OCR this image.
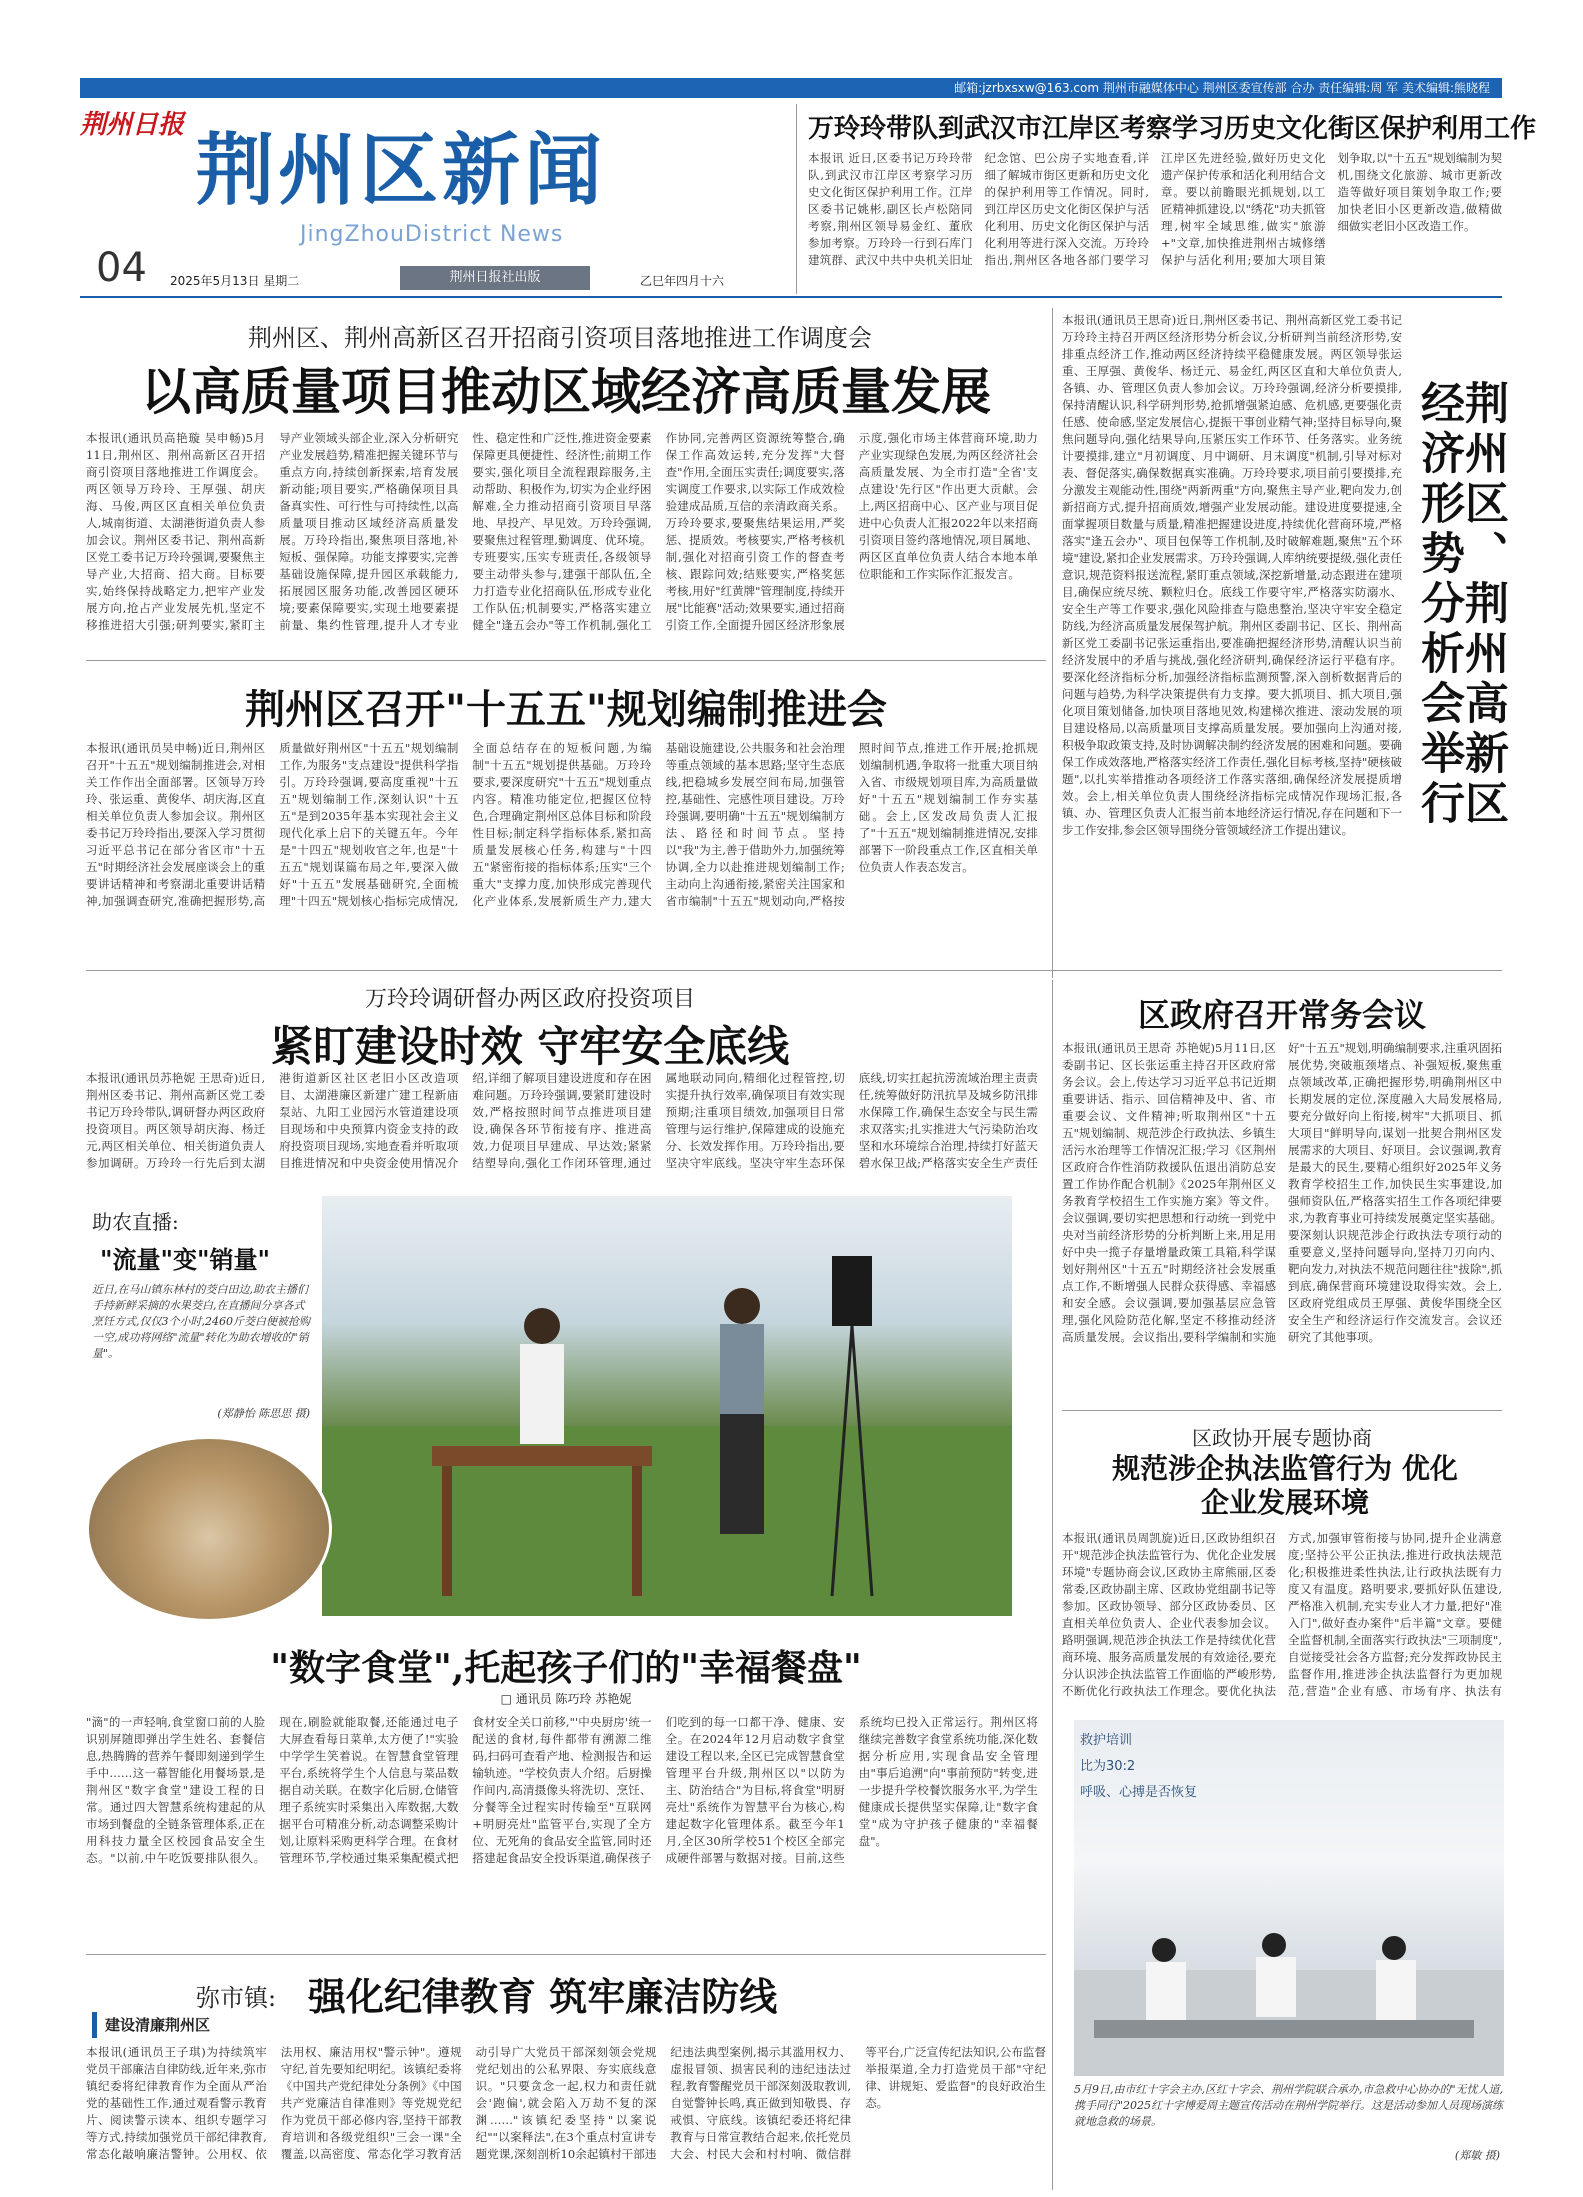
邮箱:jzrbxsxw@163.com 荆州市融媒体中心 荆州区委宣传部 合办 责任编辑:周 军 美术编辑:熊晓程
荆州日报 荆州区新闻
JingZhouDistrict News
04 2025年5月13日 星期二	荆州日报社出版	乙巳年四月十六
万玲玲带队到武汉市江岸区考察学习历史文化街区保护利用工作
本报讯 近日,区委书记万玲玲带队,到武汉市江岸区考察学习历史文化街区保护利用工作。江岸区委书记姚彬,副区长卢松陪同考察,荆州区领导易金红、董欣参加考察。万玲玲一行到石库门建筑群、武汉中共中央机关旧址纪念馆、巴公房子实地查看,详细了解城市街区更新和历史文化的保护利用等工作情况。同时,到江岸区历史文化街区保护与活化利用、历史文化街区保护与活化利用等进行深入交流。万玲玲指出,荆州区各地各部门要学习江岸区先进经验,做好历史文化遗产保护传承和活化利用结合文章。要以前瞻眼光抓规划,以工匠精神抓建设,以"绣花"功夫抓管理,树牢全域思维,做实"旅游+"文章,加快推进荆州古城修缮保护与活化利用;要加大项目策划争取,以"十五五"规划编制为契机,围绕文化旅游、城市更新改造等做好项目策划争取工作;要加快老旧小区更新改造,做精做细做实老旧小区改造工作。
荆州区、荆州高新区召开招商引资项目落地推进工作调度会
以高质量项目推动区域经济高质量发展
本报讯(通讯员高艳璇 吴申畅)5月11日,荆州区、荆州高新区召开招商引资项目落地推进工作调度会。两区领导万玲玲、王厚强、胡庆海、马俊,两区区直相关单位负责人,城南街道、太湖港街道负责人参加会议。荆州区委书记、荆州高新区党工委书记万玲玲强调,要聚焦主导产业,大招商、招大商。目标要实,始终保持战略定力,把牢产业发展方向,抢占产业发展先机,坚定不移推进招大引强;研判要实,紧盯主导产业领域头部企业,深入分析研究产业发展趋势,精准把握关键环节与重点方向,持续创新探索,培育发展新动能;项目要实,严格确保项目具备真实性、可行性与可持续性,以高质量项目推动区域经济高质量发展。万玲玲指出,聚焦项目落地,补短板、强保障。功能支撑要实,完善基础设施保障,提升园区承载能力,拓展园区服务功能,改善园区硬环境;要素保障要实,实现土地要素提前量、集约性管理,提升人才专业性、稳定性和广泛性,推进资金要素保障更具便捷性、经济性;前期工作要实,强化项目全流程跟踪服务,主动帮助、积极作为,切实为企业纾困解难,全力推动招商引资项目早落地、早投产、早见效。万玲玲强调,要聚焦过程管理,勤调度、优环境。专班要实,压实专班责任,各级领导要主动带头参与,建强干部队伍,全力打造专业化招商队伍,形成专业化工作队伍;机制要实,严格落实建立健全"逢五会办"等工作机制,强化工作协同,完善两区资源统筹整合,确保工作高效运转,充分发挥"大督查"作用,全面压实责任;调度要实,落实调度工作要求,以实际工作成效检验建成品质,互信的亲清政商关系。万玲玲要求,要聚焦结果运用,严奖惩、提质效。考核要实,严格考核机制,强化对招商引资工作的督查考核、跟踪问效;结账要实,严格奖惩考核,用好"红黄牌"管理制度,持续开展"比能赛"活动;效果要实,通过招商引资工作,全面提升园区经济形象展示度,强化市场主体营商环境,助力产业实现绿色发展,为两区经济社会高质量发展、为全市打造"全省'支点建设'先行区"作出更大贡献。会上,两区招商中心、区产业与项目促进中心负责人汇报2022年以来招商引资项目签约落地情况,项目属地、两区区直单位负责人结合本地本单位职能和工作实际作汇报发言。
本报讯(通讯员王思奇)近日,荆州区委书记、荆州高新区党工委书记万玲玲主持召开两区经济形势分析会议,分析研判当前经济形势,安排重点经济工作,推动两区经济持续平稳健康发展。两区领导张运重、王厚强、黄俊华、杨迁元、易金红,两区区直和大单位负责人,各镇、办、管理区负责人参加会议。万玲玲强调,经济分析要摸排,保持清醒认识,科学研判形势,抢抓增强紧迫感、危机感,更要强化责任感、使命感,坚定发展信心,提振干事创业精气神;坚持目标导向,聚焦问题导向,强化结果导向,压紧压实工作环节、任务落实。业务统计要摸排,建立"月初调度、月中调研、月末调度"机制,引导对标对表、督促落实,确保数据真实准确。万玲玲要求,项目前引要摸排,充分激发主观能动性,围绕"两新两重"方向,聚焦主导产业,靶向发力,创新招商方式,提升招商质效,增强产业发展动能。建设进度要提速,全面掌握项目数量与质量,精准把握建设进度,持续优化营商环境,严格落实"逢五会办"、项目包保等工作机制,及时破解难题,聚焦"五个环境"建设,紧扣企业发展需求。万玲玲强调,人库纳统要提级,强化责任意识,规范资料报送流程,紧盯重点领域,深挖新增量,动态跟进在建项目,确保应统尽统、颗粒归仓。底线工作要守牢,严格落实防溺水、安全生产等工作要求,强化风险排查与隐患整治,坚决守牢安全稳定防线,为经济高质量发展保驾护航。荆州区委副书记、区长、荆州高新区党工委副书记张运重指出,要准确把握经济形势,清醒认识当前经济发展中的矛盾与挑战,强化经济研判,确保经济运行平稳有序。要深化经济指标分析,加强经济指标监测预警,深入剖析数据背后的问题与趋势,为科学决策提供有力支撑。要大抓项目、抓大项目,强化项目策划储备,加快项目落地见效,构建梯次推进、滚动发展的项目建设格局,以高质量项目支撑高质量发展。要加强向上沟通对接,积极争取政策支持,及时协调解决制约经济发展的困难和问题。要确保工作成效落地,严格落实经济工作责任,强化目标考核,坚持"硬核破题",以扎实举措推动各项经济工作落实落细,确保经济发展提质增效。会上,相关单位负责人围绕经济指标完成情况作现场汇报,各镇、办、管理区负责人汇报当前本地经济运行情况,存在问题和下一步工作安排,参会区领导围绕分管领域经济工作提出建议。	荆州区、荆州高新区
经济形势分析会举行
荆州区召开"十五五"规划编制推进会
本报讯(通讯员吴申畅)近日,荆州区召开"十五五"规划编制推进会,对相关工作作出全面部署。区领导万玲玲、张运重、黄俊华、胡庆海,区直相关单位负责人参加会议。荆州区委书记万玲玲指出,要深入学习贯彻习近平总书记在部分省区市"十五五"时期经济社会发展座谈会上的重要讲话精神和考察湖北重要讲话精神,加强调查研究,准确把握形势,高质量做好荆州区"十五五"规划编制工作,为服务"支点建设"提供科学指引。万玲玲强调,要高度重视"十五五"规划编制工作,深刻认识"十五五"是到2035年基本实现社会主义现代化承上启下的关键五年。今年是"十四五"规划收官之年,也是"十五五"规划谋篇布局之年,要深入做好"十五五"发展基础研究,全面梳理"十四五"规划核心指标完成情况,全面总结存在的短板问题,为编制"十五五"规划提供基础。万玲玲要求,要深度研究"十五五"规划重点内容。精准功能定位,把握区位特色,合理确定荆州区总体目标和阶段性目标;制定科学指标体系,紧扣高质量发展核心任务,构建与"十四五"紧密衔接的指标体系;压实"三个重大"支撑力度,加快形成完善现代化产业体系,发展新质生产力,建大基础设施建设,公共服务和社会治理等重点领域的基本思路;坚守生态底线,把稳城乡发展空间布局,加强管控,基础性、完感性项目建设。万玲玲强调,要明确"十五五"规划编制方法、路径和时间节点。坚持以"我"为主,善于借助外力,加强统筹协调,全力以赴推进规划编制工作;主动向上沟通衔接,紧密关注国家和省市编制"十五五"规划动向,严格按照时间节点,推进工作开展;抢抓规划编制机遇,争取将一批重大项目纳入省、市级规划项目库,为高质量做好"十五五"规划编制工作夯实基础。会上,区发改局负责人汇报了"十五五"规划编制推进情况,安排部署下一阶段重点工作,区直相关单位负责人作表态发言。
万玲玲调研督办两区政府投资项目
紧盯建设时效 守牢安全底线
本报讯(通讯员苏艳妮 王思奇)近日,荆州区委书记、荆州高新区党工委书记万玲玲带队,调研督办两区政府投资项目。两区领导胡庆海、杨迁元,两区相关单位、相关街道负责人参加调研。万玲玲一行先后到太湖港街道新区社区老旧小区改造项目、太湖港廉区新建广建工程新庙泵站、九阳工业园污水管道建设项目现场和中央预算内资金支持的政府投资项目现场,实地查看并听取项目推进情况和中央资金使用情况介绍,详细了解项目建设进度和存在困难问题。万玲玲强调,要紧盯建设时效,严格按照时间节点推进项目建设,确保各环节衔接有序、推进高效,力促项目早建成、早达效;紧紧结塑导向,强化工作闭环管理,通过属地联动同向,精细化过程管控,切实提升执行效率,确保项目有效实现预期;注重项目绩效,加强项目日常管理与运行维护,保障建成的设施充分、长效发挥作用。万玲玲指出,要坚决守牢底线。坚决守牢生态环保底线,切实扛起抗涝流域治理主责责任,统筹做好防汛抗旱及城乡防汛排水保障工作,确保生态安全与民生需求双落实;扎实推进大气污染防治攻坚和水环境综合治理,持续打好蓝天碧水保卫战;严格落实安全生产责任
区政府召开常务会议
本报讯(通讯员王思奇 苏艳妮)5月11日,区委副书记、区长张运重主持召开区政府常务会议。会上,传达学习习近平总书记近期重要讲话、指示、回信精神及中、省、市重要会议、文件精神;听取荆州区"十五五"规划编制、规范涉企行政执法、乡镇生活污水治理等工作情况汇报;学习《区荆州区政府合作性消防救援队伍退出消防总安置工作协作配合机制》《2025年荆州区义务教育学校招生工作实施方案》等文件。会议强调,要切实把思想和行动统一到党中央对当前经济形势的分析判断上来,用足用好中央一揽子存量增量政策工具箱,科学谋划好荆州区"十五五"时期经济社会发展重点工作,不断增强人民群众获得感、幸福感和安全感。会议强调,要加强基层应急管理,强化风险防范化解,坚定不移推动经济高质量发展。会议指出,要科学编制和实施好"十五五"规划,明确编制要求,注重巩固拓展优势,突破瓶颈堵点、补强短板,聚焦重点领域改革,正确把握形势,明确荆州区中长期发展的定位,深度融入大局发展格局,要充分做好向上衔接,树牢"大抓项目、抓大项目"鲜明导向,谋划一批契合荆州区发展需求的大项目、好项目。会议强调,教育是最大的民生,要精心组织好2025年义务教育学校招生工作,加快民生实事建设,加强师资队伍,严格落实招生工作各项纪律要求,为教育事业可持续发展奠定坚实基础。要深刻认识规范涉企行政执法专项行动的重要意义,坚持问题导向,坚持刀刃向内、靶向发力,对执法不规范问题往往"拔除",抓到底,确保营商环境建设取得实效。会上,区政府党组成员王厚强、黄俊华围绕全区安全生产和经济运行作交流发言。会议还研究了其他事项。
区政协开展专题协商
规范涉企执法监管行为 优化企业发展环境
本报讯(通讯员周凯旋)近日,区政协组织召开"规范涉企执法监管行为、优化企业发展环境"专题协商会议,区政协主席熊丽,区委常委,区政协副主席、区政协党组副书记等参加。区政协领导、部分区政协委员、区直相关单位负责人、企业代表参加会议。路明强调,规范涉企执法工作是持续优化营商环境、服务高质量发展的有效途径,要充分认识涉企执法监管工作面临的严峻形势,不断优化行政执法工作理念。要优化执法方式,加强审管衔接与协同,提升企业满意度;坚持公平公正执法,推进行政执法规范化;积极推进柔性执法,让行政执法既有力度又有温度。路明要求,要抓好队伍建设,严格准入机制,充实专业人才力量,把好"准入门",做好查办案件"后半篇"文章。要健全监督机制,全面落实行政执法"三项制度",自觉接受社会各方监督;充分发挥政协民主监督作用,推进涉企执法监督行为更加规范,营造"企业有感、市场有序、执法有
助农直播:
"流量"变"销量"
近日,在马山镇东林村的茭白田边,助农主播们手持新鲜采摘的水果茭白,在直播间分享各式烹饪方式,仅仅3个小时,2460斤茭白便被抢购一空,成功将网络"流量"转化为助农增收的"销量"。
(郑静怡 陈思思 摄)
"数字食堂",托起孩子们的"幸福餐盘"
□ 通讯员 陈巧玲 苏艳妮
"滴"的一声轻响,食堂窗口前的人脸识别屏随即弹出学生姓名、套餐信息,热腾腾的营养午餐即刻递到学生手中……这一幕智能化用餐场景,是荆州区"数字食堂"建设工程的日常。通过四大智慧系统构建起的从市场到餐盘的全链条管理体系,正在用科技力量全区校园食品安全生态。"以前,中午吃饭要排队很久。现在,刷脸就能取餐,还能通过电子大屏查看每日菜单,太方便了!"实验中学学生笑着说。在智慧食堂管理平台,系统将学生个人信息与菜品数据自动关联。在数字化后厨,仓储管理子系统实时采集出入库数据,大数据平台可精准分析,动态调整采购计划,让原料采购更科学合理。在食材管理环节,学校通过集采集配模式把食材安全关口前移,"'中央厨房'统一配送的食材,每件都带有溯源二维码,扫码可查看产地、检测报告和运输轨迹。"学校负责人介绍。后厨操作间内,高清摄像头将洗切、烹饪、分餐等全过程实时传输至"互联网+明厨亮灶"监管平台,实现了全方位、无死角的食品安全监管,同时还搭建起食品安全投诉渠道,确保孩子们吃到的每一口都干净、健康、安全。在2024年12月启动数字食堂建设工程以来,全区已完成智慧食堂管理平台升级,荆州区以"以防为主、防治结合"为目标,将食堂"明厨亮灶"系统作为智慧平台为核心,构建起数字化管理体系。截至今年1月,全区30所学校51个校区全部完成硬件部署与数据对接。目前,这些系统均已投入正常运行。荆州区将继续完善数字食堂系统功能,深化数据分析应用,实现食品安全管理由"事后追溯"向"事前预防"转变,进一步提升学校餐饮服务水平,为学生健康成长提供坚实保障,让"数字食堂"成为守护孩子健康的"幸福餐盘"。
弥市镇: 强化纪律教育 筑牢廉洁防线
建设清廉荆州区
本报讯(通讯员王子琪)为持续筑牢党员干部廉洁自律防线,近年来,弥市镇纪委将纪律教育作为全面从严治党的基础性工作,通过观看警示教育片、阅读警示读本、组织专题学习等方式,持续加强党员干部纪律教育,常态化敲响廉洁警钟。公用权、依法用权、廉洁用权"警示钟"。遵规守纪,首先要知纪明纪。该镇纪委将《中国共产党纪律处分条例》《中国共产党廉洁自律准则》等党规党纪作为党员干部必修内容,坚持干部教育培训和各级党组织"三会一课"全覆盖,以高密度、常态化学习教育活动引导广大党员干部深刻领会党规党纪划出的公私界限、夯实底线意识。"只要贪念一起,权力和责任就会'跑偏',就会陷入万劫不复的深渊……"该镇纪委坚持"以案说纪""以案释法",在3个重点村宣讲专题党课,深刻剖析10余起镇村干部违纪违法典型案例,揭示其滥用权力、虚报冒领、损害民利的违纪违法过程,教育警醒党员干部深刻汲取教训,自觉警钟长鸣,真正做到知敬畏、存戒惧、守底线。该镇纪委还将纪律教育与日常宣教结合起来,依托党员大会、村民大会和村村响、微信群等平台,广泛宣传纪法知识,公布监督举报渠道,全力打造党员干部"守纪律、讲规矩、爱监督"的良好政治生态。
救护培训
比为30:2
呼吸、心搏是否恢复
5月9日,由市红十字会主办,区红十字会、荆州学院联合承办,市急救中心协办的"无忧人道,携手同行"2025红十字博爱周主题宣传活动在荆州学院举行。这是活动参加人员现场演练就地急救的场景。
(郑敏 摄)
